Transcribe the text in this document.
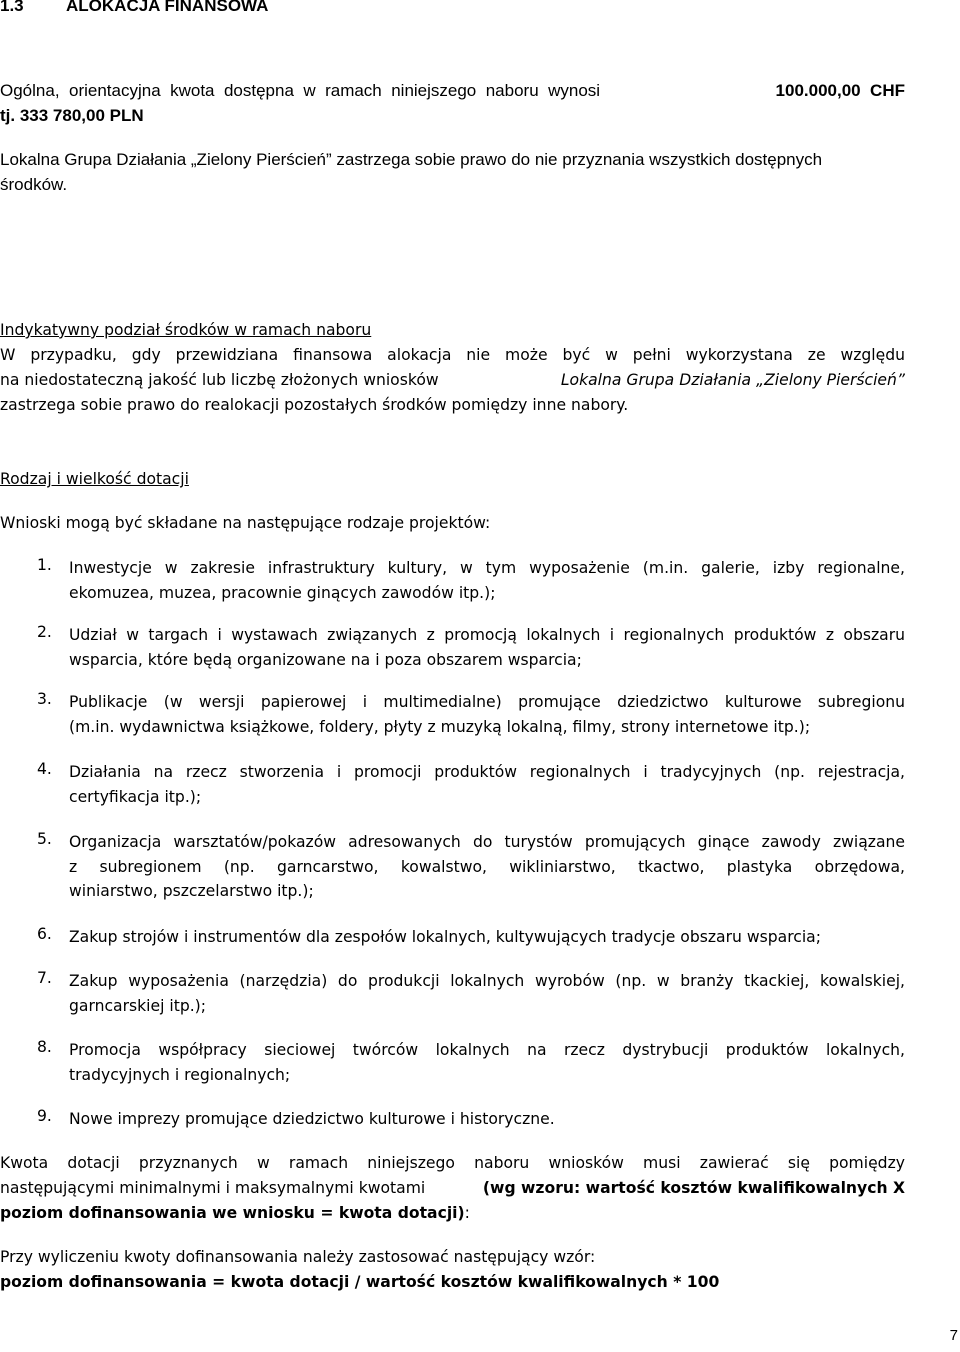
1.3 ALOKACJA FINANSOWA
Ogólna,  orientacyjna  kwota  dostępna  w  ramach  niniejszego  naboru  wynosi	100.000,00  CHF
tj. 333 780,00 PLN
Lokalna Grupa Działania „Zielony Pierścień” zastrzega sobie prawo do nie przyznania wszystkich dostępnych
środków.
Indykatywny podział środków w ramach naboru
W przypadku, gdy przewidziana finansowa alokacja nie może być w pełni wykorzystana ze względu
na niedostateczną jakość lub liczbę złożonych wniosków	Lokalna Grupa Działania „Zielony Pierścień”
zastrzega sobie prawo do realokacji pozostałych środków pomiędzy inne nabory.
Rodzaj i wielkość dotacji
Wnioski mogą być składane na następujące rodzaje projektów:
1. Inwestycje w zakresie infrastruktury kultury, w tym wyposażenie (m.in. galerie, izby regionalne,
ekomuzea, muzea, pracownie ginących zawodów itp.);
2. Udział w targach i wystawach związanych z promocją lokalnych i regionalnych produktów z obszaru
wsparcia, które będą organizowane na i poza obszarem wsparcia;
3. Publikacje (w wersji papierowej i multimedialne) promujące dziedzictwo kulturowe subregionu
(m.in. wydawnictwa książkowe, foldery, płyty z muzyką lokalną, filmy, strony internetowe itp.);
4. Działania na rzecz stworzenia i promocji produktów regionalnych i tradycyjnych (np. rejestracja,
certyfikacja itp.);
5. Organizacja warsztatów/pokazów adresowanych do turystów promujących ginące zawody związane
z subregionem (np. garncarstwo, kowalstwo, wikliniarstwo, tkactwo, plastyka obrzędowa,
winiarstwo, pszczelarstwo itp.);
6. Zakup strojów i instrumentów dla zespołów lokalnych, kultywujących tradycje obszaru wsparcia;
7. Zakup wyposażenia (narzędzia) do produkcji lokalnych wyrobów (np. w branży tkackiej, kowalskiej,
garncarskiej itp.);
8. Promocja współpracy sieciowej twórców lokalnych na rzecz dystrybucji produktów lokalnych,
tradycyjnych i regionalnych;
9. Nowe imprezy promujące dziedzictwo kulturowe i historyczne.
Kwota dotacji przyznanych w ramach niniejszego naboru wniosków musi zawierać się pomiędzy
następującymi minimalnymi i maksymalnymi kwotami	(wg wzoru: wartość kosztów kwalifikowalnych X
poziom dofinansowania we wniosku = kwota dotacji):
Przy wyliczeniu kwoty dofinansowania należy zastosować następujący wzór:
poziom dofinansowania = kwota dotacji / wartość kosztów kwalifikowalnych * 100
7
